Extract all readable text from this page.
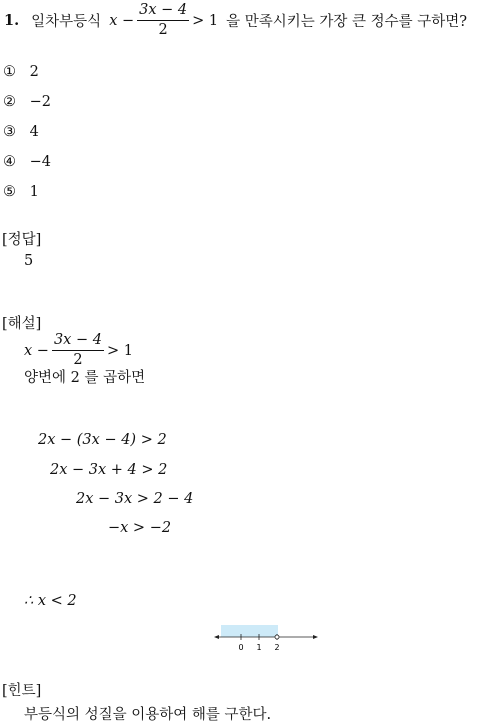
1. 일차부등식 $x - \frac{3x - 4}{2} > 1$ 을 만족시키는 가장 큰 정수를 구하면?
① 2
② −2
③ 4
④ −4
⑤ 1
[정답]
5
[해설]
$x - \frac{3x - 4}{2} > 1$
양변에 2 를 곱하면
2x − (3x − 4) > 2
2x − 3x + 4 > 2
2x − 3x > 2 − 4
−x > −2
∴ x < 2
0 1 2
[힌트]
부등식의 성질을 이용하여 해를 구한다.
